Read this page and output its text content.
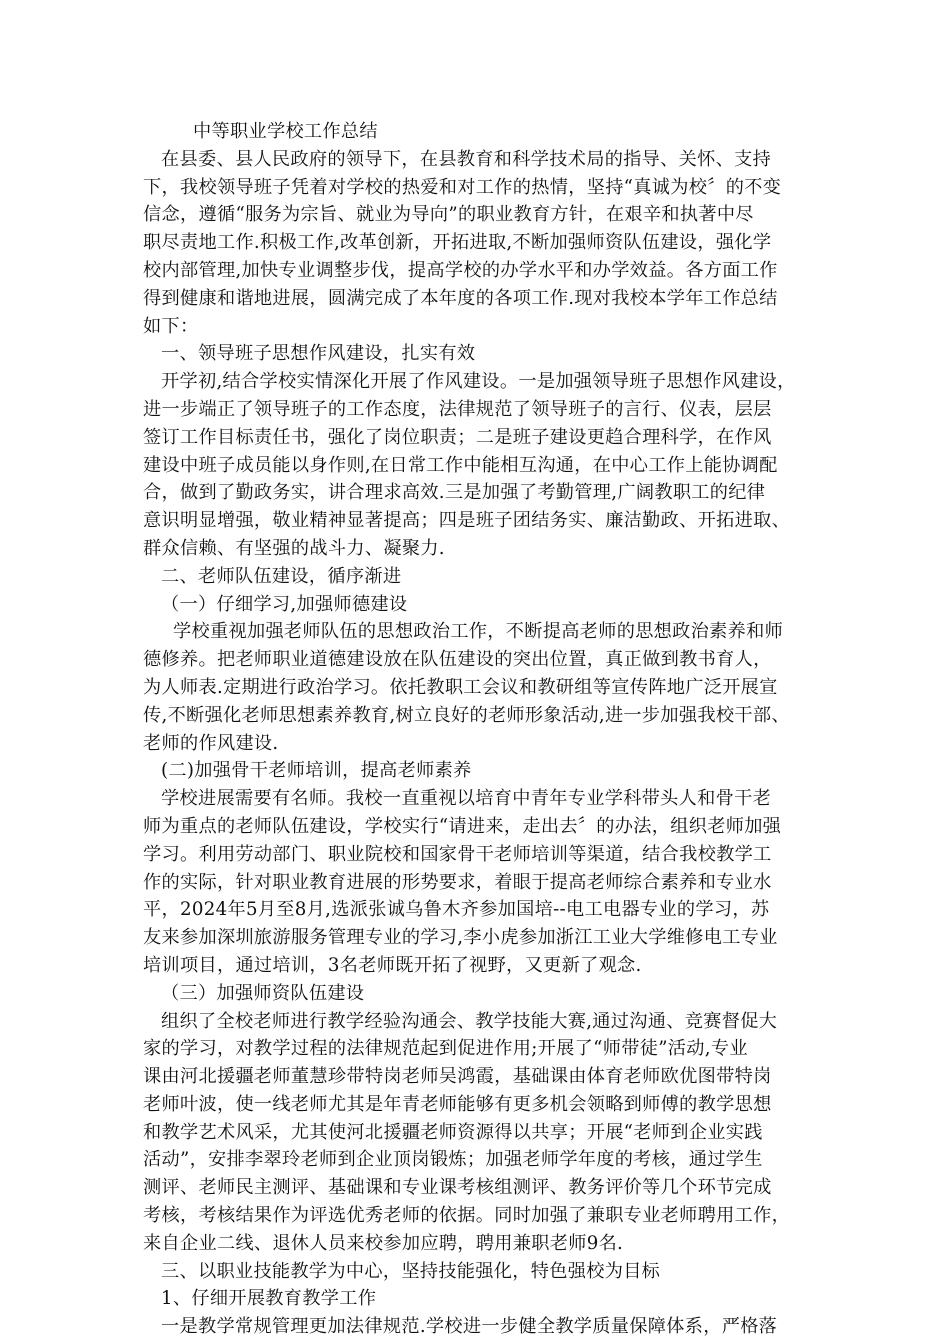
中等职业学校工作总结
在县委、县人民政府的领导下，在县教育和科学技术局的指导、关怀、支持
下，我校领导班子凭着对学校的热爱和对工作的热情，坚持“真诚为校〞的不变
信念，遵循“服务为宗旨、就业为导向”的职业教育方针，在艰辛和执著中尽
职尽责地工作.积极工作,改革创新，开拓进取,不断加强师资队伍建设，强化学
校内部管理,加快专业调整步伐，提高学校的办学水平和办学效益。各方面工作
得到健康和谐地进展，圆满完成了本年度的各项工作.现对我校本学年工作总结
如下：
一、领导班子思想作风建设，扎实有效
开学初,结合学校实情深化开展了作风建设。一是加强领导班子思想作风建设，
进一步端正了领导班子的工作态度，法律规范了领导班子的言行、仪表，层层
签订工作目标责任书，强化了岗位职责；二是班子建设更趋合理科学，在作风
建设中班子成员能以身作则,在日常工作中能相互沟通，在中心工作上能协调配
合，做到了勤政务实，讲合理求高效.三是加强了考勤管理,广阔教职工的纪律
意识明显增强，敬业精神显著提高；四是班子团结务实、廉洁勤政、开拓进取、
群众信赖、有坚强的战斗力、凝聚力.
二、老师队伍建设，循序渐进
（一）仔细学习,加强师德建设
学校重视加强老师队伍的思想政治工作，不断提高老师的思想政治素养和师
德修养。把老师职业道德建设放在队伍建设的突出位置，真正做到教书育人，
为人师表.定期进行政治学习。依托教职工会议和教研组等宣传阵地广泛开展宣
传,不断强化老师思想素养教育,树立良好的老师形象活动,进一步加强我校干部、
老师的作风建设.
(二)加强骨干老师培训，提高老师素养
学校进展需要有名师。我校一直重视以培育中青年专业学科带头人和骨干老
师为重点的老师队伍建设，学校实行“请进来，走出去〞的办法，组织老师加强
学习。利用劳动部门、职业院校和国家骨干老师培训等渠道，结合我校教学工
作的实际，针对职业教育进展的形势要求，着眼于提高老师综合素养和专业水
平，2024年5月至8月,选派张诚乌鲁木齐参加国培--电工电器专业的学习，苏
友来参加深圳旅游服务管理专业的学习,李小虎参加浙江工业大学维修电工专业
培训项目，通过培训，3名老师既开拓了视野，又更新了观念.
（三）加强师资队伍建设
组织了全校老师进行教学经验沟通会、教学技能大赛,通过沟通、竞赛督促大
家的学习，对教学过程的法律规范起到促进作用;开展了“师带徒”活动,专业
课由河北援疆老师董慧珍带特岗老师吴鸿霞，基础课由体育老师欧优图带特岗
老师叶波，使一线老师尤其是年青老师能够有更多机会领略到师傅的教学思想
和教学艺术风采，尤其使河北援疆老师资源得以共享；开展“老师到企业实践
活动”，安排李翠玲老师到企业顶岗锻炼；加强老师学年度的考核，通过学生
测评、老师民主测评、基础课和专业课考核组测评、教务评价等几个环节完成
考核，考核结果作为评选优秀老师的依据。同时加强了兼职专业老师聘用工作，
来自企业二线、退休人员来校参加应聘，聘用兼职老师9名.
三、以职业技能教学为中心，坚持技能强化，特色强校为目标
1、仔细开展教育教学工作
一是教学常规管理更加法律规范.学校进一步健全教学质量保障体系，严格落
